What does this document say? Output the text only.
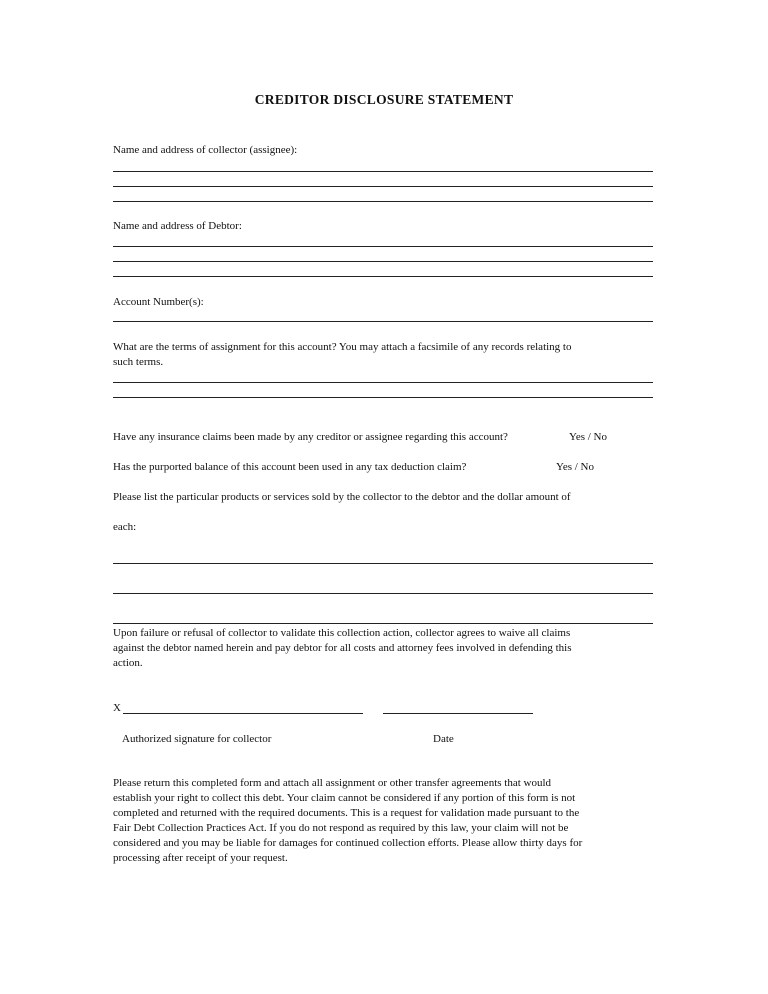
CREDITOR DISCLOSURE STATEMENT
Name and address of collector (assignee):
Name and address of Debtor:
Account Number(s):
What are the terms of assignment for this account? You may attach a facsimile of any records relating to
such terms.
Have any insurance claims been made by any creditor or assignee regarding this account?	Yes / No
Has the purported balance of this account been used in any tax deduction claim?	Yes / No
Please list the particular products or services sold by the collector to the debtor and the dollar amount of
each:
Upon failure or refusal of collector to validate this collection action, collector agrees to waive all claims
against the debtor named herein and pay debtor for all costs and attorney fees involved in defending this
action.
X
Authorized signature for collector	Date
Please return this completed form and attach all assignment or other transfer agreements that would
establish your right to collect this debt. Your claim cannot be considered if any portion of this form is not
completed and returned with the required documents. This is a request for validation made pursuant to the
Fair Debt Collection Practices Act. If you do not respond as required by this law, your claim will not be
considered and you may be liable for damages for continued collection efforts. Please allow thirty days for
processing after receipt of your request.
